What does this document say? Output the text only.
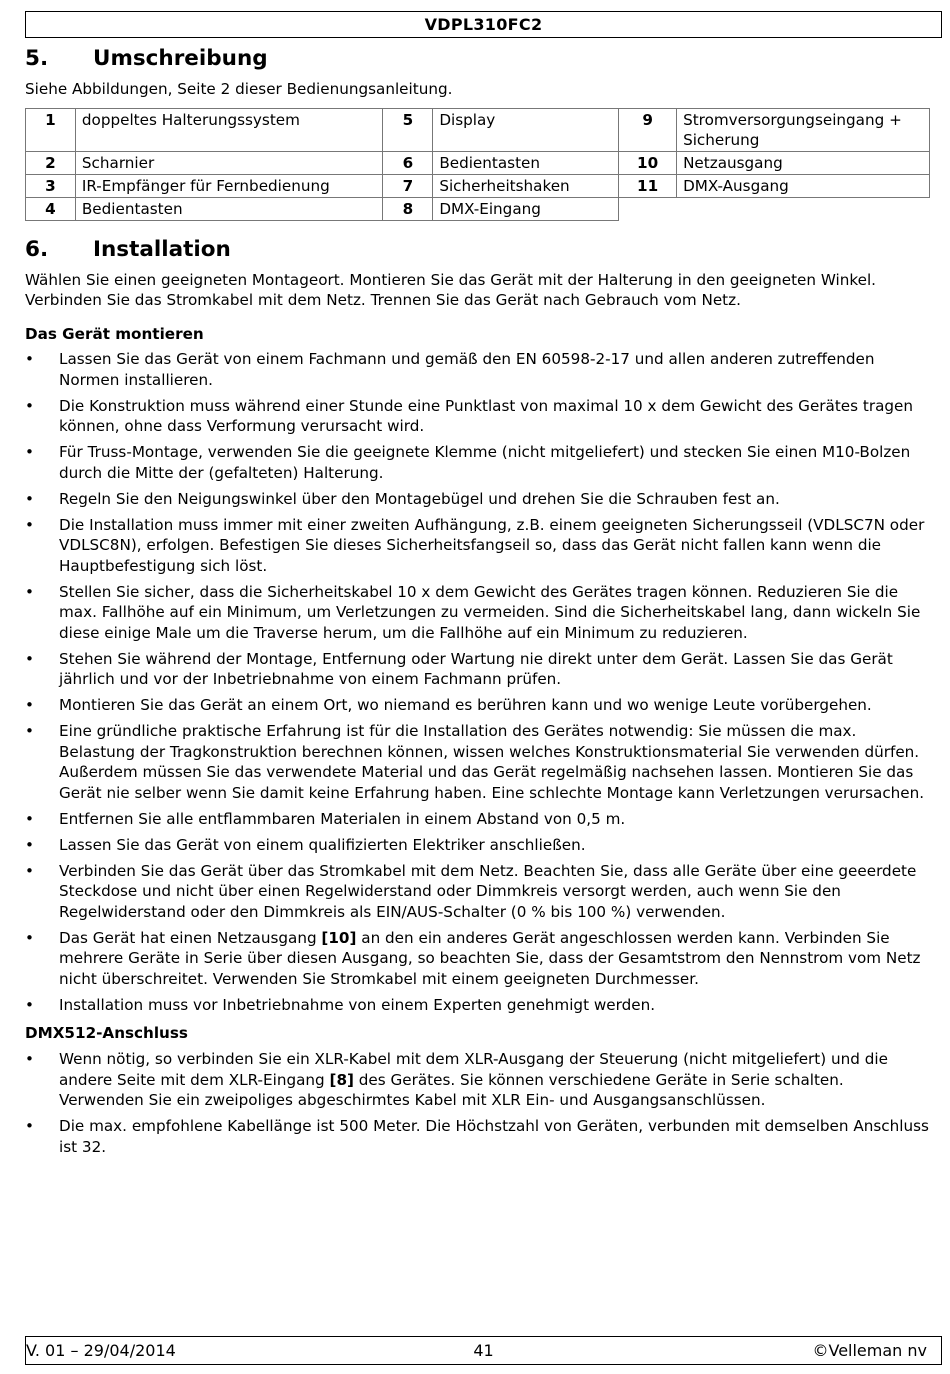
VDPL310FC2
5.	Umschreibung

Siehe Abbildungen, Seite 2 dieser Bedienungsanleitung.

1	doppeltes Halterungssystem	5	Display	9	Stromversorgungseingang + Sicherung
2	Scharnier	6	Bedientasten	10	Netzausgang
3	IR-Empfänger für Fernbedienung	7	Sicherheitshaken	11	DMX-Ausgang
4	Bedientasten	8	DMX-Eingang		
6.	Installation

Wählen Sie einen geeigneten Montageort. Montieren Sie das Gerät mit der Halterung in den geeigneten Winkel. Verbinden Sie das Stromkabel mit dem Netz. Trennen Sie das Gerät nach Gebrauch vom Netz.

Das Gerät montieren
• Lassen Sie das Gerät von einem Fachmann und gemäß den EN 60598-2-17 und allen anderen zutreffenden Normen installieren.
• Die Konstruktion muss während einer Stunde eine Punktlast von maximal 10 x dem Gewicht des Gerätes tragen können, ohne dass Verformung verursacht wird.
• Für Truss-Montage, verwenden Sie die geeignete Klemme (nicht mitgeliefert) und stecken Sie einen M10-Bolzen durch die Mitte der (gefalteten) Halterung.
• Regeln Sie den Neigungswinkel über den Montagebügel und drehen Sie die Schrauben fest an.
• Die Installation muss immer mit einer zweiten Aufhängung, z.B. einem geeigneten Sicherungsseil (VDLSC7N oder VDLSC8N), erfolgen. Befestigen Sie dieses Sicherheitsfangseil so, dass das Gerät nicht fallen kann wenn die Hauptbefestigung sich löst.
• Stellen Sie sicher, dass die Sicherheitskabel 10 x dem Gewicht des Gerätes tragen können. Reduzieren Sie die max. Fallhöhe auf ein Minimum, um Verletzungen zu vermeiden. Sind die Sicherheitskabel lang, dann wickeln Sie diese einige Male um die Traverse herum, um die Fallhöhe auf ein Minimum zu reduzieren.
• Stehen Sie während der Montage, Entfernung oder Wartung nie direkt unter dem Gerät. Lassen Sie das Gerät jährlich und vor der Inbetriebnahme von einem Fachmann prüfen.
• Montieren Sie das Gerät an einem Ort, wo niemand es berühren kann und wo wenige Leute vorübergehen.
• Eine gründliche praktische Erfahrung ist für die Installation des Gerätes notwendig: Sie müssen die max. Belastung der Tragkonstruktion berechnen können, wissen welches Konstruktionsmaterial Sie verwenden dürfen. Außerdem müssen Sie das verwendete Material und das Gerät regelmäßig nachsehen lassen. Montieren Sie das Gerät nie selber wenn Sie damit keine Erfahrung haben. Eine schlechte Montage kann Verletzungen verursachen.
• Entfernen Sie alle entflammbaren Materialen in einem Abstand von 0,5 m.
• Lassen Sie das Gerät von einem qualifizierten Elektriker anschließen.
• Verbinden Sie das Gerät über das Stromkabel mit dem Netz. Beachten Sie, dass alle Geräte über eine geeerdete Steckdose und nicht über einen Regelwiderstand oder Dimmkreis versorgt werden, auch wenn Sie den Regelwiderstand oder den Dimmkreis als EIN/AUS-Schalter (0 % bis 100 %) verwenden.
• Das Gerät hat einen Netzausgang [10] an den ein anderes Gerät angeschlossen werden kann. Verbinden Sie mehrere Geräte in Serie über diesen Ausgang, so beachten Sie, dass der Gesamtstrom den Nennstrom vom Netz nicht überschreitet. Verwenden Sie Stromkabel mit einem geeigneten Durchmesser.
• Installation muss vor Inbetriebnahme von einem Experten genehmigt werden.
DMX512-Anschluss
• Wenn nötig, so verbinden Sie ein XLR-Kabel mit dem XLR-Ausgang der Steuerung (nicht mitgeliefert) und die andere Seite mit dem XLR-Eingang [8] des Gerätes. Sie können verschiedene Geräte in Serie schalten. Verwenden Sie ein zweipoliges abgeschirmtes Kabel mit XLR Ein- und Ausgangsanschlüssen.
• Die max. empfohlene Kabellänge ist 500 Meter. Die Höchstzahl von Geräten, verbunden mit demselben Anschluss ist 32.
V. 01 – 29/04/2014	41	©Velleman nv
